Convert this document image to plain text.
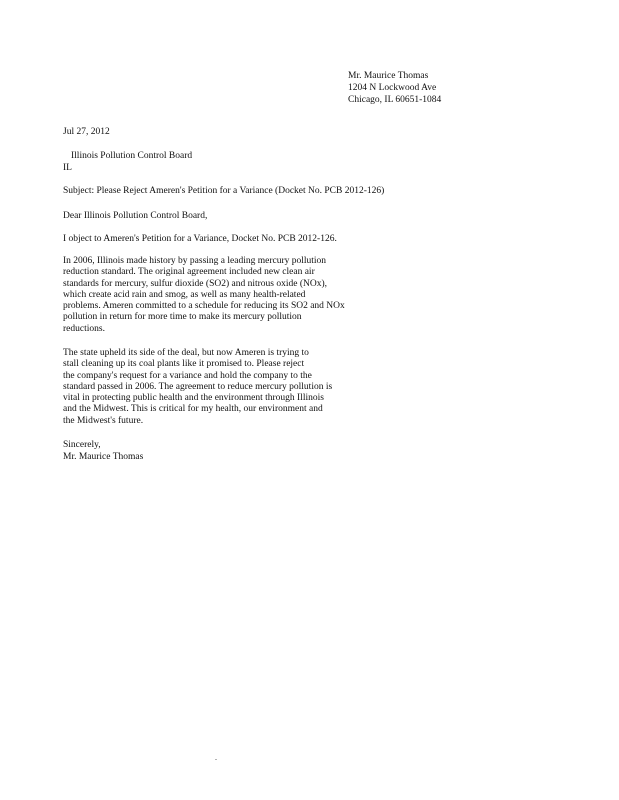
Mr. Maurice Thomas
1204 N Lockwood Ave
Chicago, IL 60651-1084
Jul 27, 2012
Illinois Pollution Control Board
IL
Subject: Please Reject Ameren's Petition for a Variance (Docket No. PCB 2012-126)
Dear Illinois Pollution Control Board,
I object to Ameren's Petition for a Variance, Docket No. PCB 2012-126.
In 2006, Illinois made history by passing a leading mercury pollution
reduction standard. The original agreement included new clean air
standards for mercury, sulfur dioxide (SO2) and nitrous oxide (NOx),
which create acid rain and smog, as well as many health-related
problems. Ameren committed to a schedule for reducing its SO2 and NOx
pollution in return for more time to make its mercury pollution
reductions.
The state upheld its side of the deal, but now Ameren is trying to
stall cleaning up its coal plants like it promised to. Please reject
the company's request for a variance and hold the company to the
standard passed in 2006. The agreement to reduce mercury pollution is
vital in protecting public health and the environment through Illinois
and the Midwest. This is critical for my health, our environment and
the Midwest's future.
Sincerely,
Mr. Maurice Thomas
.
